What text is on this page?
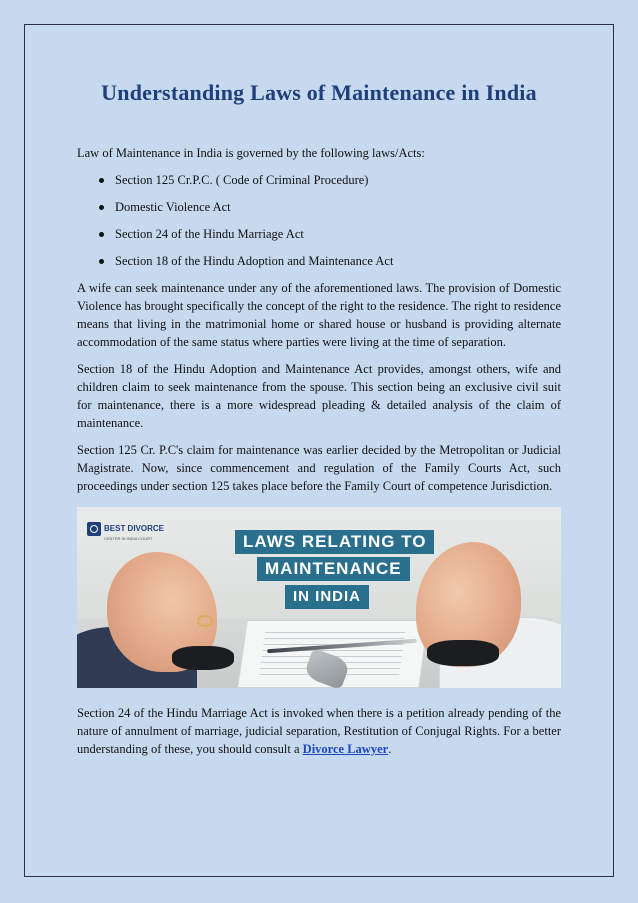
Understanding Laws of Maintenance in India

Law of Maintenance in India is governed by the following laws/Acts:

Section 125 Cr.P.C. ( Code of Criminal Procedure)
Domestic Violence Act
Section 24 of the Hindu Marriage Act
Section 18 of the Hindu Adoption and Maintenance Act

A wife can seek maintenance under any of the aforementioned laws. The provision of Domestic Violence has brought specifically the concept of the right to the residence. The right to residence means that living in the matrimonial home or shared house or husband is providing alternate accommodation of the same status where parties were living at the time of separation.

Section 18 of the Hindu Adoption and Maintenance Act provides, amongst others, wife and children claim to seek maintenance from the spouse. This section being an exclusive civil suit for maintenance, there is a more widespread pleading & detailed analysis of the claim of maintenance.

Section 125 Cr. P.C's claim for maintenance was earlier decided by the Metropolitan or Judicial Magistrate. Now, since commencement and regulation of the Family Courts Act, such proceedings under section 125 takes place before the Family Court of competence Jurisdiction.

BEST DIVORCE
CENTER IN INDIA COURT	LAWS RELATING TO
MAINTENANCE
IN INDIA

Section 24 of the Hindu Marriage Act is invoked when there is a petition already pending of the nature of annulment of marriage, judicial separation, Restitution of Conjugal Rights. For a better understanding of these, you should consult a Divorce Lawyer.
